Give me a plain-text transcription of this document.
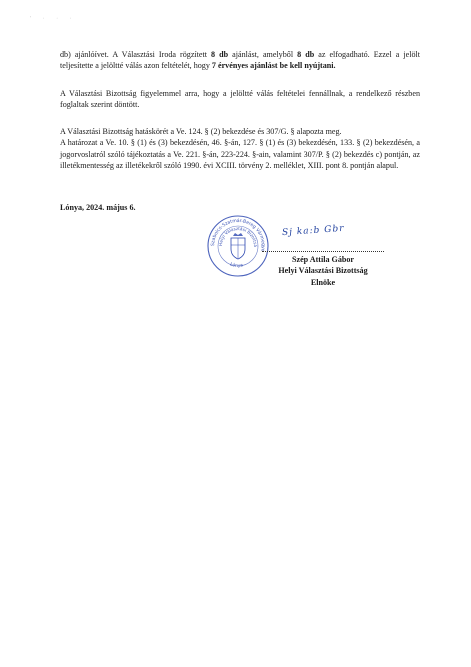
' · · ·

db) ajánlóívet. A Választási Iroda rögzített 8 db ajánlást, amelyből 8 db az elfogadható. Ezzel a jelölt teljesítette a jelöltté válás azon feltételét, hogy 7 érvényes ajánlást be kell nyújtani.

A Választási Bizottság figyelemmel arra, hogy a jelöltté válás feltételei fennállnak, a rendelkező részben foglaltak szerint döntött.

A Választási Bizottság hatáskörét a Ve. 124. § (2) bekezdése és 307/G. § alapozta meg.
A határozat a Ve. 10. § (1) és (3) bekezdésén, 46. §-án, 127. § (1) és (3) bekezdésén, 133. § (2) bekezdésén, a jogorvoslatról szóló tájékoztatás a Ve. 221. §-án, 223-224. §-ain, valamint 307/P. § (2) bekezdés c) pontján, az illetékmentesség az illetékekről szóló 1990. évi XCIII. törvény 2. melléklet, XIII. pont 8. pontján alapul.
Lónya, 2024. május 6.
Szabolcs-Szatmár-Bereg Vármegye
Helyi Választási Bizottsá
Lónya
Sj ka:b Gbr
Szép Attila Gábor
Helyi Választási Bizottság
Elnöke
